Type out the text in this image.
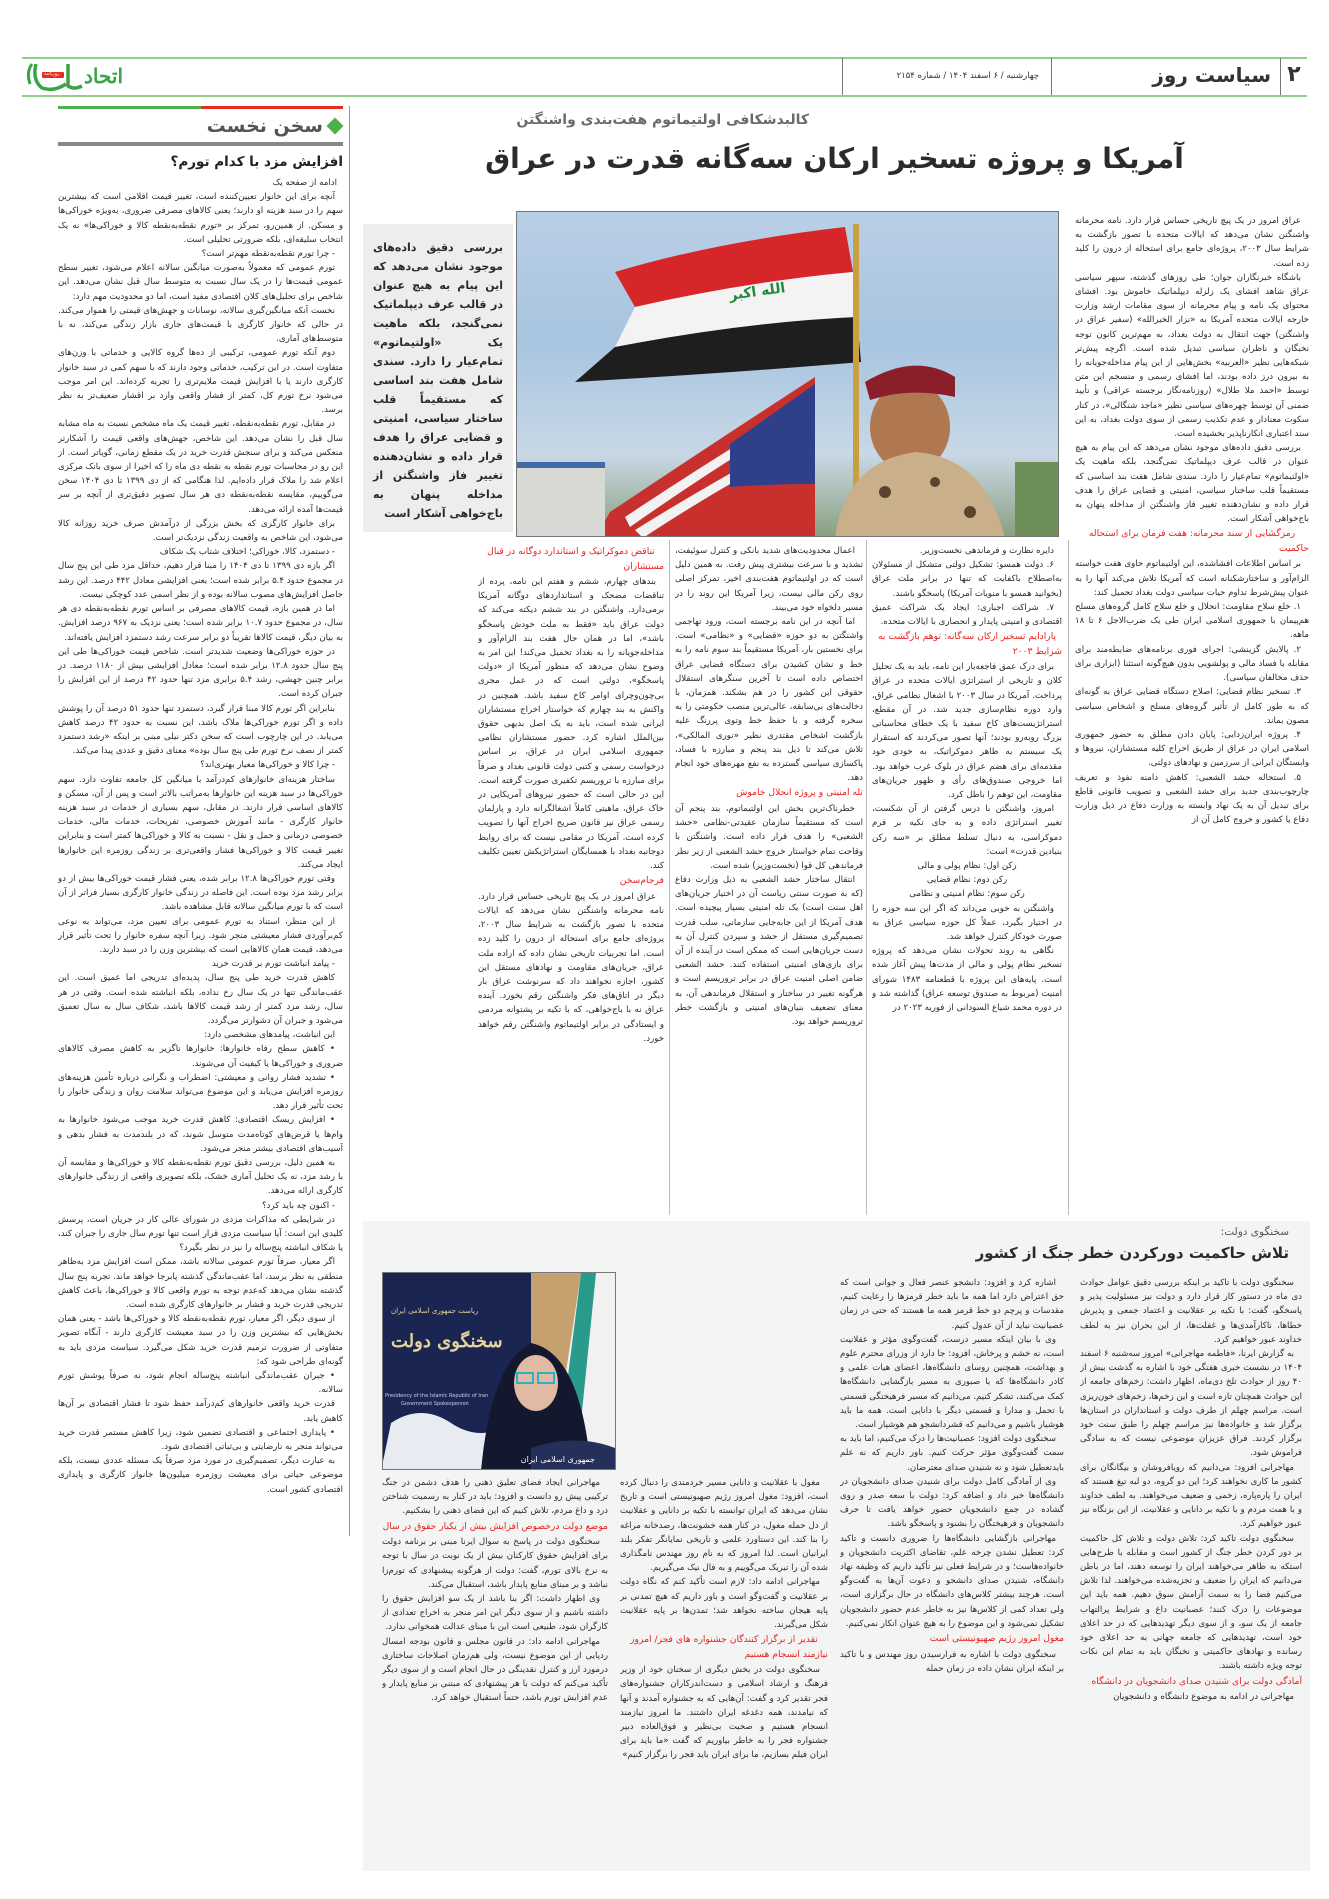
۲
سیاست روز
چهارشنبه / ۶ اسفند ۱۴۰۴ / شماره ۲۱۵۴
اتحاد
روزنامه
سخن نخست
افزایش مزد با کدام تورم؟
ادامه از صفحه یک

آنچه برای این خانوار تعیین‌کننده است، تغییر قیمت اقلامی است که بیشترین سهم را در سبد هزینه او دارند؛ یعنی کالاهای مصرفی ضروری، به‌ویژه خوراکی‌ها و مسکن. از همین‌رو، تمرکز بر «تورم نقطه‌به‌نقطه کالا و خوراکی‌ها» نه یک انتخاب سلیقه‌ای، بلکه ضرورتی تحلیلی است.

- چرا تورم نقطه‌به‌نقطه مهم‌تر است؟

تورم عمومی که معمولاً به‌صورت میانگین سالانه اعلام می‌شود، تغییر سطح عمومی قیمت‌ها را در یک سال نسبت به متوسط سال قبل نشان می‌دهد. این شاخص برای تحلیل‌های کلان اقتصادی مفید است، اما دو محدودیت مهم دارد:

نخست آنکه میانگین‌گیری سالانه، نوسانات و جهش‌های قیمتی را هموار می‌کند. در حالی که خانوار کارگری با قیمت‌های جاری بازار زندگی می‌کند، نه با متوسط‌های آماری.

دوم آنکه تورم عمومی، ترکیبی از ده‌ها گروه کالایی و خدماتی با وزن‌های متفاوت است. در این ترکیب، خدماتی وجود دارند که با سهم کمی در سبد خانوار کارگری دارند یا با افزایش قیمت ملایم‌تری را تجربه کرده‌اند. این امر موجب می‌شود نرخ تورم کل، کمتر از فشار واقعی وارد بر اقشار ضعیف‌تر به نظر برسد.

در مقابل، تورم نقطه‌به‌نقطه، تغییر قیمت یک ماه مشخص نسبت به ماه مشابه سال قبل را نشان می‌دهد. این شاخص، جهش‌های واقعی قیمت را آشکارتر منعکس می‌کند و برای سنجش قدرت خرید در یک مقطع زمانی، گویاتر است. از این رو در محاسبات تورم نقطه به نقطه دی ماه را که اخیرا از سوی بانک مرکزی اعلام شد را ملاک قرار داده‌ایم. لذا هنگامی که از دی ۱۳۹۹ تا دی ۱۴۰۴ سخن می‌گوییم، مقایسه نقطه‌به‌نقطه دی هر سال تصویر دقیق‌تری از آنچه بر سر قیمت‌ها آمده ارائه می‌دهد.

برای خانوار کارگری که بخش بزرگی از درآمدش صرف خرید روزانه کالا می‌شود، این شاخص به واقعیت زندگی نزدیک‌تر است.

- دستمزد، کالا، خوراکی؛ اختلاف شتاب یک شکاف

اگر بازه دی ۱۳۹۹ تا دی ۱۴۰۴ را مبنا قرار دهیم، حداقل مزد طی این پنج سال در مجموع حدود ۵.۴ برابر شده است؛ یعنی افزایشی معادل ۴۴۲ درصد. این رشد حاصل افزایش‌های مصوب سالانه بوده و از نظر اسمی عدد کوچکی نیست.

اما در همین بازه، قیمت کالاهای مصرفی بر اساس تورم نقطه‌به‌نقطه دی هر سال، در مجموع حدود ۱۰.۷ برابر شده است؛ یعنی نزدیک به ۹۶۷ درصد افزایش. به بیان دیگر، قیمت کالاها تقریباً دو برابر سرعت رشد دستمزد افزایش یافته‌اند.

در حوزه خوراکی‌ها وضعیت شدیدتر است. شاخص قیمت خوراکی‌ها طی این پنج سال حدود ۱۲.۸ برابر شده است؛ معادل افزایشی بیش از ۱۱۸۰ درصد. در برابر چنین جهشی، رشد ۵.۴ برابری مزد تنها حدود ۴۲ درصد از این افزایش را جبران کرده است.

بنابراین اگر تورم کالا مبنا قرار گیرد، دستمزد تنها حدود ۵۱ درصد آن را پوشش داده و اگر تورم خوراکی‌ها ملاک باشد، این نسبت به حدود ۴۲ درصد کاهش می‌یابد. در این چارچوب است که سخن دکتر نیلی مبنی بر اینکه «رشد دستمزد کمتر از نصف نرخ تورم طی پنج سال بوده» معنای دقیق و عددی پیدا می‌کند.

- چرا کالا و خوراکی‌ها معیار بهتری‌اند؟

ساختار هزینه‌ای خانوارهای کم‌درآمد با میانگین کل جامعه تفاوت دارد. سهم خوراکی‌ها در سبد هزینه این خانوارها به‌مراتب بالاتر است و پس از آن، مسکن و کالاهای اساسی قرار دارند. در مقابل، سهم بسیاری از خدمات در سبد هزینه خانوار کارگری - مانند آموزش خصوصی، تفریحات، خدمات مالی، خدمات خصوصی درمانی و حمل و نقل - نسبت به کالا و خوراکی‌ها کمتر است و بنابراین تغییر قیمت کالا و خوراکی‌ها فشار واقعی‌تری بر زندگی روزمره این خانوارها ایجاد می‌کند.

وقتی تورم خوراکی‌ها ۱۲.۸ برابر شده، یعنی فشار قیمت خوراکی‌ها بیش از دو برابر رشد مزد بوده است. این فاصله در زندگی خانوار کارگری بسیار فراتر از آن است که با تورم میانگین سالانه قابل مشاهده باشد.

از این منظر، استناد به تورم عمومی برای تعیین مزد، می‌تواند به نوعی کم‌برآوردی فشار معیشتی منجر شود. زیرا آنچه سفره خانوار را تحت تأثیر قرار می‌دهد، قیمت همان کالاهایی است که بیشترین وزن را در سبد دارند.

- پیامد انباشت تورم بر قدرت خرید

کاهش قدرت خرید طی پنج سال، پدیده‌ای تدریجی اما عمیق است. این عقب‌ماندگی تنها در یک سال رخ نداده، بلکه انباشته شده است. وقتی در هر سال، رشد مزد کمتر از رشد قیمت کالاها باشد، شکاف سال به سال تعمیق می‌شود و جبران آن دشوارتر می‌گردد.

این انباشت، پیامدهای مشخصی دارد:

• کاهش سطح رفاه خانوارها: خانوارها ناگزیر به کاهش مصرف کالاهای ضروری و خوراکی‌ها یا کیفیت آن می‌شوند.

• تشدید فشار روانی و معیشتی: اضطراب و نگرانی درباره تأمین هزینه‌های روزمره افزایش می‌یابد و این موضوع می‌تواند سلامت روان و زندگی خانوار را تحت تأثیر قرار دهد.

• افزایش ریسک اقتصادی: کاهش قدرت خرید موجب می‌شود خانوارها به وام‌ها یا قرض‌های کوتاه‌مدت متوسل شوند، که در بلندمدت به فشار بدهی و آسیب‌های اقتصادی بیشتر منجر می‌شود.

به همین دلیل، بررسی دقیق تورم نقطه‌به‌نقطه کالا و خوراکی‌ها و مقایسه آن با رشد مزد، نه یک تحلیل آماری خشک، بلکه تصویری واقعی از زندگی خانوارهای کارگری ارائه می‌دهد.

- اکنون چه باید کرد؟

در شرایطی که مذاکرات مزدی در شورای عالی کار در جریان است، پرسش کلیدی این است: آیا سیاست مزدی قرار است تنها تورم سال جاری را جبران کند، یا شکاف انباشته پنج‌ساله را نیز در نظر بگیرد؟

اگر معیار، صرفاً تورم عمومی سالانه باشد، ممکن است افزایش مزد به‌ظاهر منطقی به نظر برسد، اما عقب‌ماندگی گذشته پابرجا خواهد ماند. تجربه پنج سال گذشته نشان می‌دهد که‌عدم توجه به تورم واقعی کالا و خوراکی‌ها، باعث کاهش تدریجی قدرت خرید و فشار بر خانوارهای کارگری شده است.

از سوی دیگر، اگر معیار، تورم نقطه‌به‌نقطه کالا و خوراکی‌ها باشد - یعنی همان بخش‌هایی که بیشترین وزن را در سبد معیشت کارگری دارند - آنگاه تصویر متفاوتی از ضرورت ترمیم قدرت خرید شکل می‌گیرد. سیاست مزدی باید به گونه‌ای طراحی شود که:

• جبران عقب‌ماندگی انباشته پنج‌ساله انجام شود، نه صرفاً پوشش تورم سالانه.

قدرت خرید واقعی خانوارهای کم‌درآمد حفظ شود تا فشار اقتصادی بر آن‌ها کاهش یابد.

• پایداری اجتماعی و اقتصادی تضمین شود، زیرا کاهش مستمر قدرت خرید می‌تواند منجر به نارضایتی و بی‌ثباتی اقتصادی شود.

به عبارت دیگر، تصمیم‌گیری در مورد مزد صرفاً یک مسئله عددی نیست، بلکه موضوعی حیاتی برای معیشت روزمره میلیون‌ها خانوار کارگری و پایداری اقتصادی کشور است.

کالبدشکافی اولتیماتوم هفت‌بندی واشنگتن
آمریکا و پروژه تسخیر ارکان سه‌گانه قدرت در عراق
بررسی دقیق داده‌های موجود نشان می‌دهد که این پیام به هیچ عنوان در قالب عرف دیپلماتیک نمی‌گنجد، بلکه ماهیت یک «اولتیماتوم» تمام‌عیار را دارد. سندی شامل هفت بند اساسی که مستقیماً قلب ساختار سیاسی، امنیتی و قضایی عراق را هدف قرار داده و نشان‌دهنده تغییر فاز واشنگتن از مداخله پنهان به باج‌خواهی آشکار است
الله اکبر

عراق امروز در یک پیچ تاریخی حساس قرار دارد. نامه محرمانه واشنگتن نشان می‌دهد که ایالات متحده با تصور بازگشت به شرایط سال ۲۰۰۳، پروژه‌ای جامع برای استحاله از درون را کلید زده است.

باشگاه خبرنگاران جوان؛ طی روزهای گذشته، سپهر سیاسی عراق شاهد افشای یک زلزله دیپلماتیک خاموش بود. افشای محتوای یک نامه و پیام محرمانه از سوی مقامات ارشد وزارت خارجه ایالات متحده آمریکا به «نزار الخیرالله» (سفیر عراق در واشنگتن) جهت انتقال به دولت بغداد، به مهم‌ترین کانون توجه نخبگان و ناظران سیاسی تبدیل شده است. اگرچه پیش‌تر شبکه‌هایی نظیر «العربیه» بخش‌هایی از این پیام مداخله‌جویانه را به بیرون درز داده بودند، اما افشای رسمی و منسجم این متن توسط «احمد ملا طلال» (روزنامه‌نگار برجسته عراقی) و تأیید ضمنی آن توسط چهره‌های سیاسی نظیر «ماجد شنگالی»، در کنار سکوت معنادار و عدم تکذیب رسمی از سوی دولت بغداد، به این سند اعتباری انکارناپذیر بخشیده است.

بررسی دقیق داده‌های موجود نشان می‌دهد که این پیام به هیچ عنوان در قالب عرف دیپلماتیک نمی‌گنجد، بلکه ماهیت یک «اولتیماتوم» تمام‌عیار را دارد. سندی شامل هفت بند اساسی که مستقیماً قلب ساختار سیاسی، امنیتی و قضایی عراق را هدف قرار داده و نشان‌دهنده تغییر فاز واشنگتن از مداخله پنهان به باج‌خواهی آشکار است.

رمزگشایی از سند محرمانه: هفت فرمان برای استحاله حاکمیت

بر اساس اطلاعات افشاشده، این اولتیماتوم حاوی هفت خواسته الزام‌آور و ساختارشکنانه است که آمریکا تلاش می‌کند آنها را به عنوان پیش‌شرط تداوم حیات سیاسی دولت بغداد تحمیل کند:

۱. خلع سلاح مقاومت: انحلال و خلع سلاح کامل گروه‌های مسلح هم‌پیمان با جمهوری اسلامی ایران طی یک ضرب‌الاجل ۶ تا ۱۸ ماهه.

۲. پالایش گزینشی: اجرای فوری برنامه‌های ضابطه‌مند برای مقابله با فساد مالی و پولشویی بدون هیچ‌گونه استثنا (ابزاری برای حذف مخالفان سیاسی).

۳. تسخیر نظام قضایی: اصلاح دستگاه قضایی عراق به گونه‌ای که به طور کامل از تأثیر گروه‌های مسلح و اشخاص سیاسی مصون بماند.

۴. پروژه ایران‌زدایی: پایان دادن مطلق به حضور جمهوری اسلامی ایران در عراق از طریق اخراج کلیه مستشاران، نیروها و وابستگان ایرانی از سرزمین و نهادهای دولتی.

۵. استحاله حشد الشعبی: کاهش دامنه نفوذ و تعریف چارچوب‌بندی جدید برای حشد الشعبی و تصویب قانونی قاطع برای تبدیل آن به یک نهاد وابسته به وزارت دفاع در ذیل وزارت دفاع یا کشور و خروج کامل آن از

دایره نظارت و فرماندهی نخست‌وزیر.

۶. دولت همسو: تشکیل دولتی متشکل از مسئولان به‌اصطلاح باکفایت که تنها در برابر ملت عراق (بخوانید همسو با منویات آمریکا) پاسخگو باشند.

۷. شراکت اجباری: ایجاد یک شراکت عمیق اقتصادی و امنیتی پایدار و انحصاری با ایالات متحده.

پارادایم تسخیر ارکان سه‌گانه: توهم بازگشت به شرایط ۲۰۰۳

برای درک عمق فاجعه‌بار این نامه، باید به یک تحلیل کلان و تاریخی از استراتژی ایالات متحده در عراق پرداخت. آمریکا در سال ۲۰۰۳ با اشغال نظامی عراق، وارد دوره نظام‌سازی جدید شد. در آن مقطع، استراتژیست‌های کاخ سفید با یک خطای محاسباتی بزرگ روبه‌رو بودند؛ آنها تصور می‌کردند که استقرار یک سیستم به ظاهر دموکراتیک، به خودی خود مقدمه‌ای برای هضم عراق در بلوک غرب خواهد بود. اما خروجی صندوق‌های رأی و ظهور جریان‌های مقاومت، این توهم را باطل کرد.

امروز، واشنگتن با درس گرفتن از آن شکست، تغییر استراتژی داده و به جای تکیه بر فرم دموکراسی، به دنبال تسلط مطلق بر «سه رکن بنیادین قدرت» است:

رکن اول: نظام پولی و مالی

رکن دوم: نظام قضایی

رکن سوم: نظام امنیتی و نظامی

واشنگتن به خوبی می‌داند که اگر این سه حوزه را در اختیار بگیرد، عملاً کل حوزه سیاسی عراق به صورت خودکار کنترل خواهد شد.

نگاهی به روند تحولات نشان می‌دهد که پروژه تسخیر نظام پولی و مالی از مدت‌ها پیش آغاز شده است. پایه‌های این پروژه با قطعنامه ۱۴۸۳ شورای امنیت (مربوط به صندوق توسعه عراق) گذاشته شد و در دوره محمد شیاع السودانی از فوریه ۲۰۲۳ در

اعمال محدودیت‌های شدید بانکی و کنترل سوئیفت، تشدید و با سرعت بیشتری پیش رفت. به همین دلیل است که در اولتیماتوم هفت‌بندی اخیر، تمرکز اصلی روی رکن مالی نیست، زیرا آمریکا این روند را در مسیر دلخواه خود می‌بیند.

اما آنچه در این نامه برجسته است، ورود تهاجمی واشنگتن به دو حوزه «قضایی» و «نظامی» است. برای نخستین بار، آمریکا مستقیماً بند سوم نامه را به خط و نشان کشیدن برای دستگاه قضایی عراق اختصاص داده است تا آخرین سنگرهای استقلال حقوقی این کشور را در هم بشکند. همزمان، با دخالت‌های بی‌سابقه، عالی‌ترین منصب حکومتی را به سخره گرفته و با حفظ خط وتوی پررنگ علیه بازگشت اشخاص مقتدری نظیر «نوری المالکی»، تلاش می‌کند تا ذیل بند پنجم و مبارزه با فساد، پاکسازی سیاسی گسترده به نفع مهره‌های خود انجام دهد.

تله امنیتی و پروژه انحلال خاموش

خطرناک‌ترین بخش این اولتیماتوم، بند پنجم آن است که مستقیماً سازمان عقیدتی-نظامی «حشد الشعبی» را هدف قرار داده است. واشنگتن با وقاحت تمام خواستار خروج حشد الشعبی از زیر نظر فرماندهی کل قوا (نخست‌وزیر) شده است.

انتقال ساختار حشد الشعبی به ذیل وزارت دفاع (که به صورت سنتی ریاست آن در اختیار جریان‌های اهل سنت است) یک تله امنیتی بسیار پیچیده است. هدف آمریکا از این جابه‌جایی سازمانی، سلب قدرت تصمیم‌گیری مستقل از حشد و سپردن کنترل آن به دست جریان‌هایی است که ممکن است در آینده از آن برای بازی‌های امنیتی استفاده کنند. حشد الشعبی ضامن اصلی امنیت عراق در برابر تروریسم است و هرگونه تغییر در ساختار و استقلال فرماندهی آن، به معنای تضعیف بنیان‌های امنیتی و بازگشت خطر تروریسم خواهد بود.

تناقض دموکراتیک و استاندارد دوگانه در قبال مستشاران

بندهای چهارم، ششم و هفتم این نامه، پرده از تناقضات مضحک و استانداردهای دوگانه آمریکا برمی‌دارد. واشنگتن در بند ششم دیکته می‌کند که دولت عراق باید «فقط به ملت خودش پاسخگو باشد»، اما در همان حال هفت بند الزام‌آور و مداخله‌جویانه را به بغداد تحمیل می‌کند! این امر به وضوح نشان می‌دهد که منظور آمریکا از «دولت پاسخگو»، دولتی است که در عمل مجری بی‌چون‌وچرای اوامر کاخ سفید باشد. همچنین در واکنش به بند چهارم که خواستار اخراج مستشاران ایرانی شده است، باید به یک اصل بدیهی حقوق بین‌الملل اشاره کرد. حضور مستشاران نظامی جمهوری اسلامی ایران در عراق، بر اساس درخواست رسمی و کتبی دولت قانونی بغداد و صرفاً برای مبارزه با تروریسم تکفیری صورت گرفته است. این در حالی است که حضور نیروهای آمریکایی در خاک عراق، ماهیتی کاملاً اشغالگرانه دارد و پارلمان رسمی عراق نیز قانون صریح اخراج آنها را تصویب کرده است. آمریکا در مقامی نیست که برای روابط دوجانبه بغداد با همسایگان استراتژیکش تعیین تکلیف کند.

فرجام‌سخن

عراق امروز در یک پیچ تاریخی حساس قرار دارد. نامه محرمانه واشنگتن نشان می‌دهد که ایالات متحده با تصور بازگشت به شرایط سال ۲۰۰۳، پروژه‌ای جامع برای استحاله از درون را کلید زده است. اما تجربیات تاریخی نشان داده که اراده ملت عراق، جریان‌های مقاومت و نهادهای مستقل این کشور، اجازه نخواهند داد که سرنوشت عراق بار دیگر در اتاق‌های فکر واشنگتن رقم بخورد. آینده عراق نه با باج‌خواهی، که با تکیه بر پشتوانه مردمی و ایستادگی در برابر اولتیماتوم واشنگتن رقم خواهد خورد.

سخنگوی دولت:
تلاش حاکمیت دورکردن خطر جنگ از کشور
ریاست جمهوری اسلامی ایران
سخنگوی دولت
Presidency of the Islamic Republic of Iran
Government Spokesperson
جمهوری اسلامی ایران

سخنگوی دولت با تاکید بر اینکه بررسی دقیق عوامل حوادث دی ماه در دستور کار قرار دارد و دولت نیز مسئولیت پذیر و پاسخگو، گفت: با تکیه بر عقلانیت و اعتماد جمعی و پذیرش خطاها، ناکارآمدی‌ها و غفلت‌ها، از این بحران نیز به لطف خداوند عبور خواهیم کرد.

به گزارش ایرنا، «فاطمه مهاجرانی» امروز سه‌شنبه ۶ اسفند ۱۴۰۴ در نشست خبری هفتگی خود با اشاره به گذشت بیش از ۴۰ روز از حوادث تلخ دی‌ماه، اظهار داشت: زخم‌های جامعه از این حوادث همچنان تازه است و این زخم‌ها، زخم‌های خون‌ریزی است. مراسم چهلم از طرف دولت و استانداران در استان‌ها برگزار شد و خانواده‌ها نیز مراسم چهلم را طبق سنت خود برگزار کردند. فراق عزیزان موضوعی نیست که به سادگی فراموش شود.

مهاجرانی افزود: می‌دانیم که رویافروشان و بیگانگان برای کشور ما کاری نخواهند کرد؛ این دو گروه، دو لبه تیغ هستند که ایران را پاره‌پاره، زخمی و ضعیف می‌خواهند. به لطف خداوند و با همت مردم و با تکیه بر دانایی و عقلانیت، از این بزنگاه نیز عبور خواهیم کرد.

سخنگوی دولت تاکید کرد: تلاش دولت و تلاش کل حاکمیت بر دور کردن خطر جنگ از کشور است و مقابله با طرح‌هایی استکه به ظاهر می‌خواهند ایران را توسعه دهند، اما در باطن می‌دانیم که ایران را ضعیف و تجزیه‌شده می‌خواهند. لذا تلاش می‌کنیم فضا را به سمت آرامش سوق دهیم. همه باید این موضوعات را درک کنند؛ عصبانیت داغ و شرایط پرالتهاب جامعه از یک سو، و از سوی دیگر تهدیدهایی که در حد اعلای خود است، تهدیدهایی که جامعه جهانی به حد اعلای خود رسانده و نهادهای حاکمیتی و نخبگان باید به تمام این نکات توجه ویژه داشته باشند.

آمادگی دولت برای شنیدن صدای دانشجویان در دانشگاه

مهاجرانی در ادامه به موضوع دانشگاه و دانشجویان

اشاره کرد و افزود: دانشجو عنصر فعال و جوانی است که حق اعتراض دارد اما همه ما باید خطر قرمزها را رعایت کنیم، مقدسات و پرچم دو خط قرمز همه ما هستند که حتی در زمان عصبانیت نباید از آن عدول کنیم.

وی با بیان اینکه مسیر درست، گفت‌وگوی مؤثر و عقلانیت است، نه خشم و پرخاش، افزود: جا دارد از وزرای محترم علوم و بهداشت، همچنین روسای دانشگاه‌ها، اعضای هیات علمی و کادر دانشگاه‌ها که با صبوری به مسیر بازگشایی دانشگاه‌ها کمک می‌کنند، تشکر کنیم. می‌دانیم که مسیر فرهیختگی قسمتی با تحمل و مدارا و قسمتی دیگر با دانایی است. همه ما باید هوشیار باشیم و می‌دانیم که قشردانشجو هم هوشیار است.

سخنگوی دولت افزود: عصبانیت‌ها را درک می‌کنیم، اما باید به سمت گفت‌وگوی مؤثر حرکت کنیم. باور داریم که نه علم بایدتعطیل شود و نه شنیدن صدای معترضان.

وی از آمادگی کامل دولت برای شنیدن صدای دانشجویان در دانشگاه‌ها خبر داد و اضافه کرد: دولت با سعه صدر و روی گشاده در جمع دانشجویان حضور خواهد یافت تا حرف دانشجویان و فرهیختگان را بشنود و پاسخگو باشد.

مهاجرانی بازگشایی دانشگاه‌ها را ضروری دانست و تاکید کرد: تعطیل نشدن چرخه علم، تقاضای اکثریت دانشجویان و خانواده‌هاست؛ و در شرایط فعلی نیز تأکید داریم که وظیفه نهاد دانشگاه، شنیدن صدای دانشجو و دعوت آن‌ها به گفت‌وگو است. هرچند بیشتر کلاس‌های دانشگاه در حال برگزاری است، ولی تعداد کمی از کلاس‌ها نیز به خاطر عدم حضور دانشجویان تشکیل نمی‌شود و این موضوع را به هیچ عنوان انکار نمی‌کنیم.

مغول امروز رژیم صهیونیستی است

سخنگوی دولت با اشاره به فرارسیدن روز مهندس و با تاکید بر اینکه ایران نشان داده در زمان حمله

مغول با عقلانیت و دانایی مسیر خردمندی را دنبال کرده است، افزود: مغول امروز رژیم صهیونیستی است و تاریخ نشان می‌دهد که ایران توانسته با تکیه بر دانایی و عقلانیت از دل حمله مغول، در کنار همه خشونت‌ها، رصدخانه مراغه را بنا کند. این دستاورد علمی و تاریخی نمایانگر تفکر بلند ایرانیان است. لذا امروز که به نام روز مهندس نامگذاری شده آن را تبریک می‌گوییم و به فال نیک می‌گیریم.

مهاجرانی ادامه داد: لازم است تأکید کنم که نگاه دولت بر عقلانیت و گفت‌وگو است و باور داریم که هیچ تمدنی بر پایه هیجان ساخته نخواهد شد؛ تمدن‌ها بر پایه عقلانیت شکل می‌گیرند.

تقدیر از برگزار کنندگان جشنواره های فجر/ امروز نیازمند انسجام هستیم

سخنگوی دولت در بخش دیگری از سخنان خود از وزیر فرهنگ و ارشاد اسلامی و دست‌اندرکاران جشنواره‌های فجر تقدیر کرد و گفت: آن‌هایی که به جشنواره آمدند و آنها که نیامدند، همه دغدغه ایران داشتند. ما امروز نیازمند انسجام هستیم و صحبت بی‌نظیر و فوق‌العاده دبیر جشنواره فجر را به خاطر بیاوریم که گفت «ما باید برای ایران فیلم بسازیم، ما برای ایران باید فجر را برگزار کنیم»

مهاجرانی ایجاد فضای تعلیق ذهنی را هدف دشمن در جنگ ترکیبی پیش رو دانست و افزود: باید در کنار به رسمیت شناختن درد و داغ مردم، تلاش کنیم که این فضای ذهنی را بشکنیم.

موضع دولت درخصوص افزایش بیش از یکبار حقوق در سال

سخنگوی دولت در پاسخ به سوال ایرنا مبنی بر برنامه دولت برای افزایش حقوق کارکنان بیش از یک نوبت در سال با توجه به نرخ بالای تورم، گفت: دولت از هرگونه پیشنهادی که تورم‌زا نباشد و بر مبنای منابع پایدار باشد، استقبال می‌کند.

وی اظهار داشت: اگر بنا باشد از یک سو افزایش حقوق را داشته باشیم و از سوی دیگر این امر منجر به اخراج تعدادی از کارگران شود، طبیعی است این با مبنای عدالت همخوانی ندارد.

مهاجرانی ادامه داد: در قانون مجلس و قانون بودجه امسال ردپایی از این موضوع نیست، ولی هم‌زمان اصلاحات ساختاری درمورد ارز و کنترل نقدینگی در حال انجام است و از سوی دیگر تأکید می‌کنم که دولت با هر پیشنهادی که مبتنی بر منابع پایدار و عدم افزایش تورم باشد، حتماً استقبال خواهد کرد.
